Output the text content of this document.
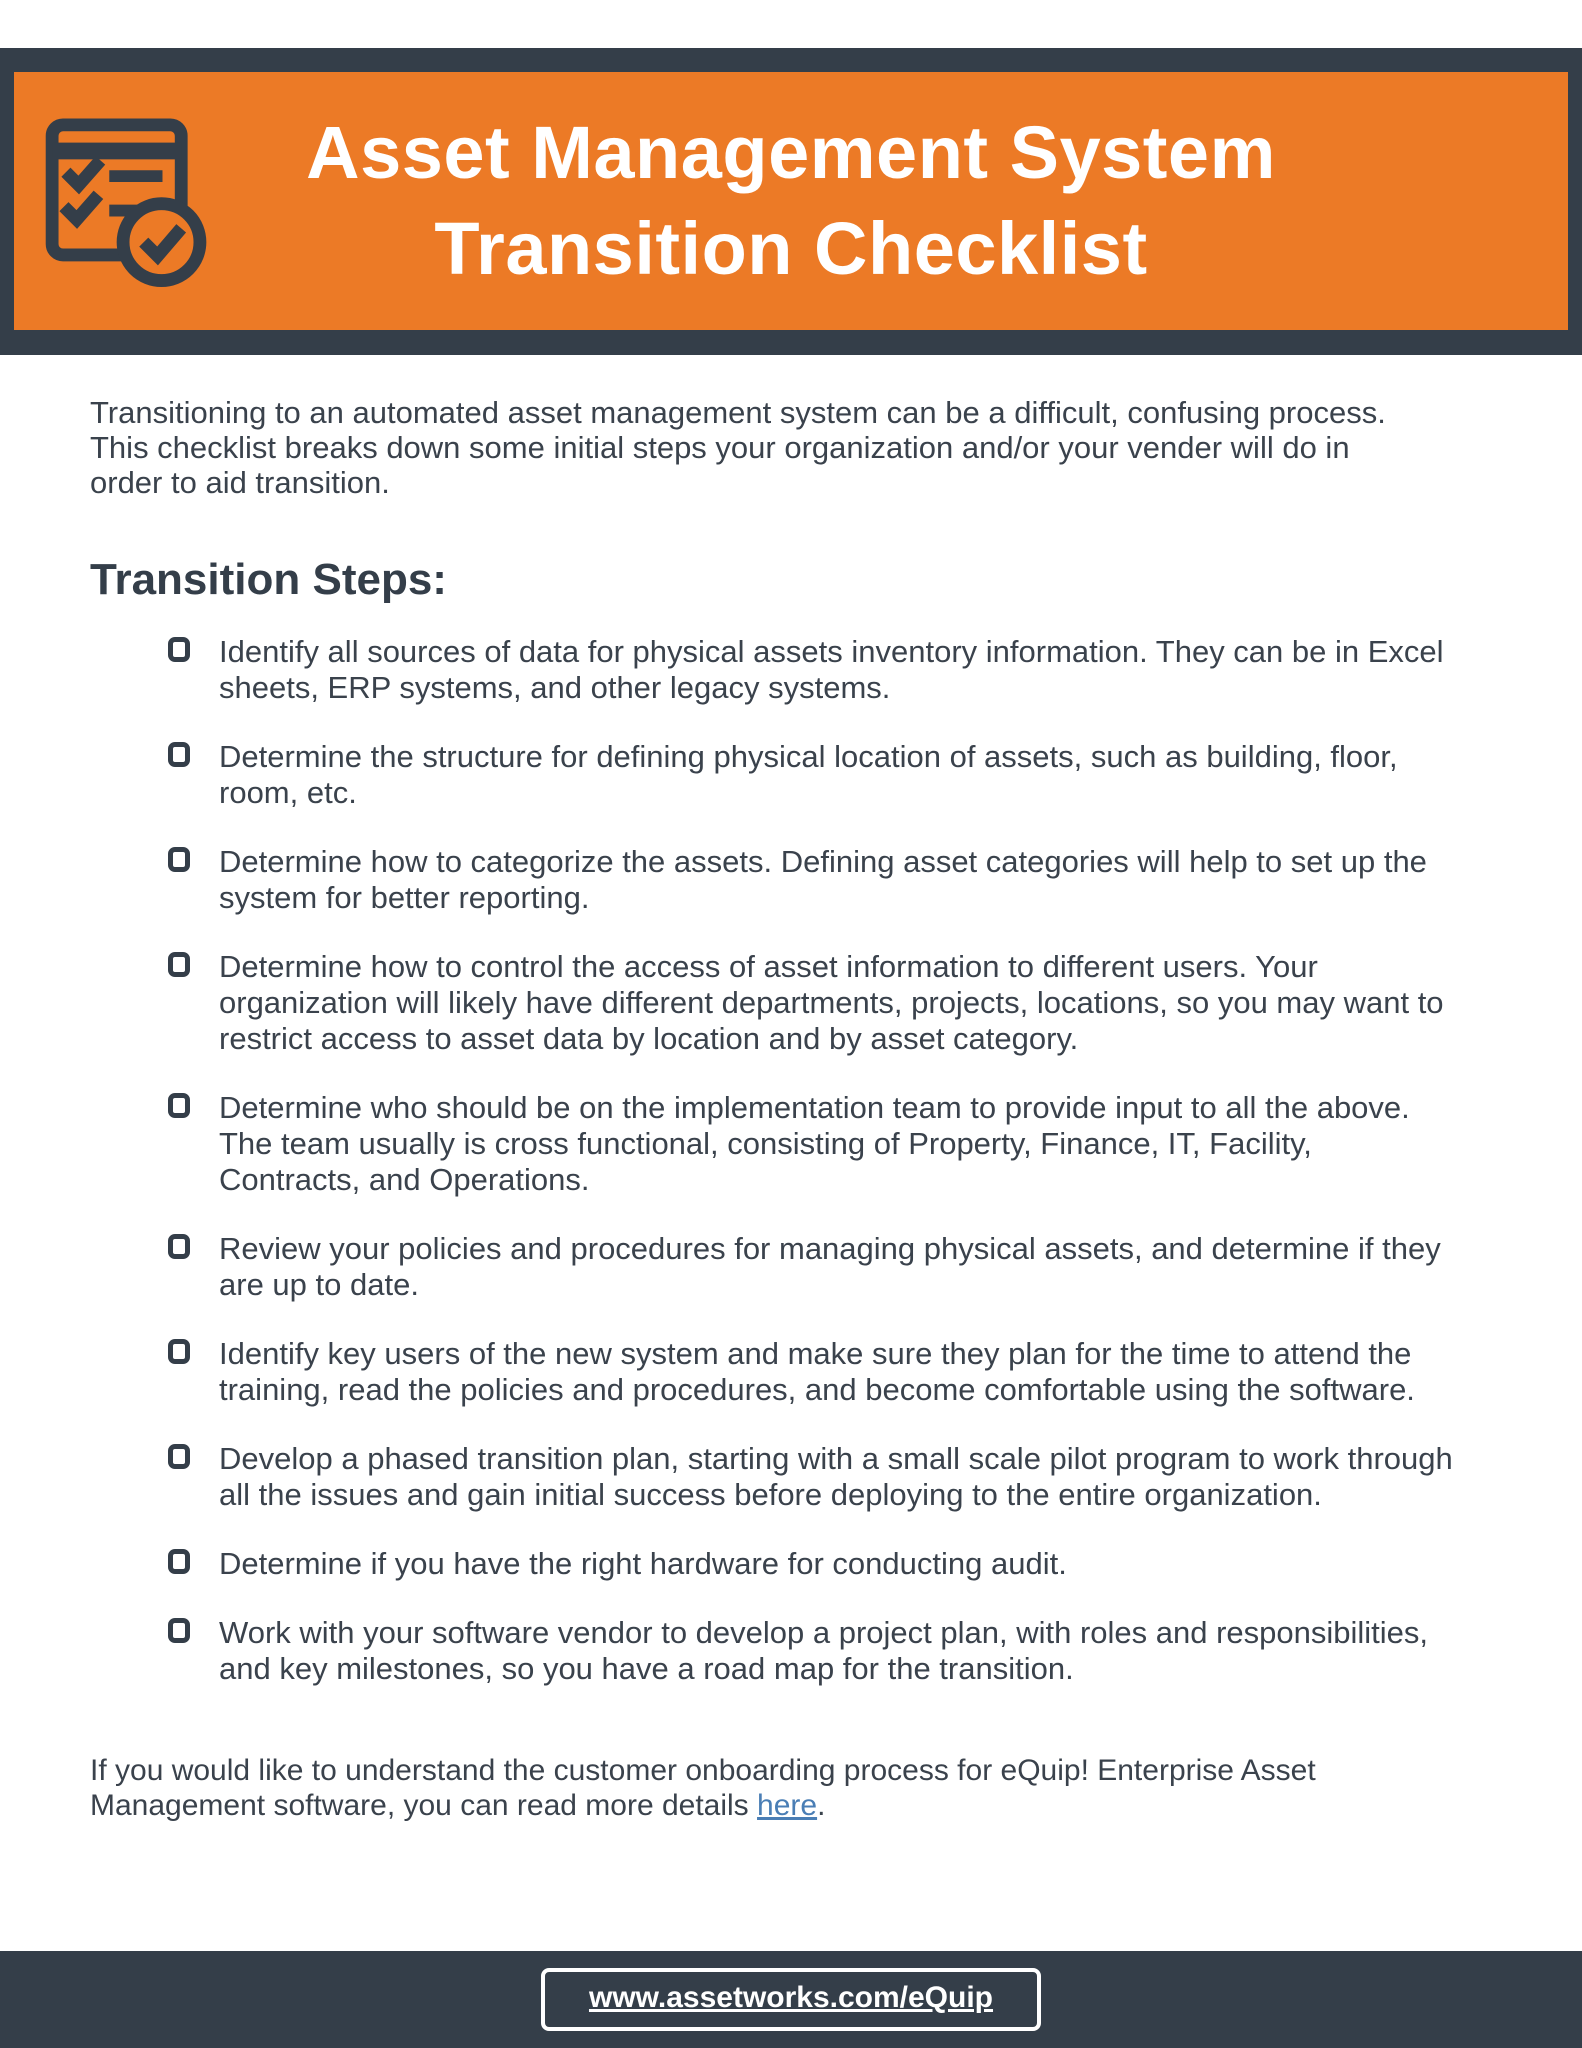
Asset Management System
Transition Checklist

Transitioning to an automated asset management system can be a difficult, confusing process. This checklist breaks down some initial steps your organization and/or your vender will do in order to aid transition.

Transition Steps:
Identify all sources of data for physical assets inventory information. They can be in Excel sheets, ERP systems, and other legacy systems.
Determine the structure for defining physical location of assets, such as building, floor, room, etc.
Determine how to categorize the assets. Defining asset categories will help to set up the system for better reporting.
Determine how to control the access of asset information to different users. Your organization will likely have different departments, projects, locations, so you may want to restrict access to asset data by location and by asset category.
Determine who should be on the implementation team to provide input to all the above. The team usually is cross functional, consisting of Property, Finance, IT, Facility, Contracts, and Operations.
Review your policies and procedures for managing physical assets, and determine if they are up to date.
Identify key users of the new system and make sure they plan for the time to attend the training, read the policies and procedures, and become comfortable using the software.
Develop a phased transition plan, starting with a small scale pilot program to work through all the issues and gain initial success before deploying to the entire organization.
Determine if you have the right hardware for conducting audit.
Work with your software vendor to develop a project plan, with roles and responsibilities, and key milestones, so you have a road map for the transition.

If you would like to understand the customer onboarding process for eQuip! Enterprise Asset Management software, you can read more details here.

www.assetworks.com/eQuip
